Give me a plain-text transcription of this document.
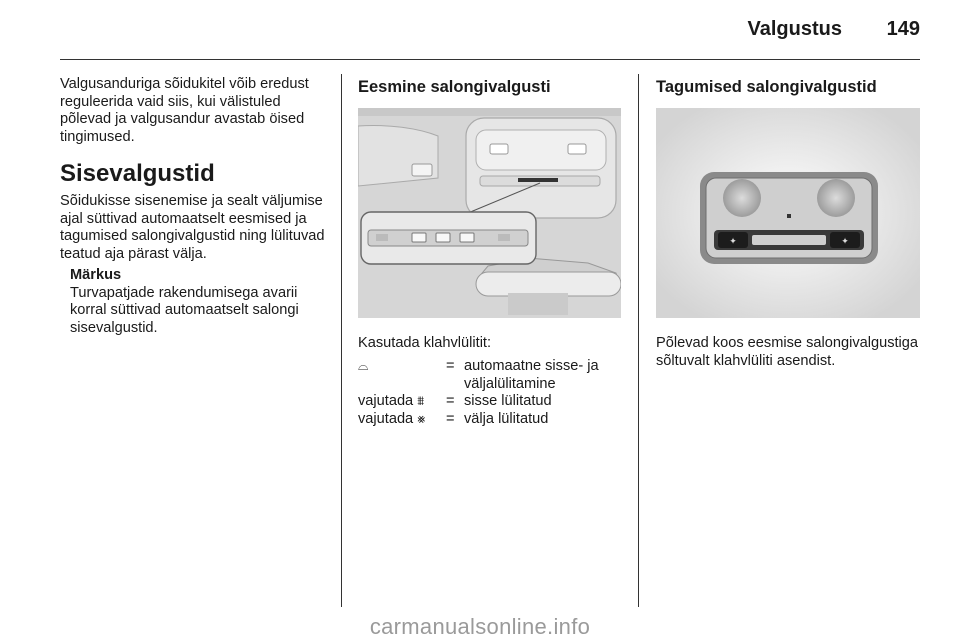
Valgustus 149

Valgusanduriga sõidukitel võib eredust reguleerida vaid siis, kui välistuled põlevad ja valgusandur avastab öised tingimused.

Sisevalgustid

Sõidukisse sisenemise ja sealt väljumise ajal süttivad automaatselt eesmised ja tagumised salongivalgustid ning lülituvad teatud aja pärast välja.

Märkus
Turvapatjade rakendumisega avarii korral süttivad automaatselt salongi sisevalgustid.
Eesmine salongivalgusti
Kasutada klahvlülitit:
⌓	= automaatne sisse- ja väljalülitamine
vajutada ⩩	= sisse lülitatud
vajutada ⨳	= välja lülitatud
Tagumised salongivalgustid
✦	✦
Põlevad koos eesmise salongivalgustiga sõltuvalt klahvlüliti asendist.
carmanualsonline.info
